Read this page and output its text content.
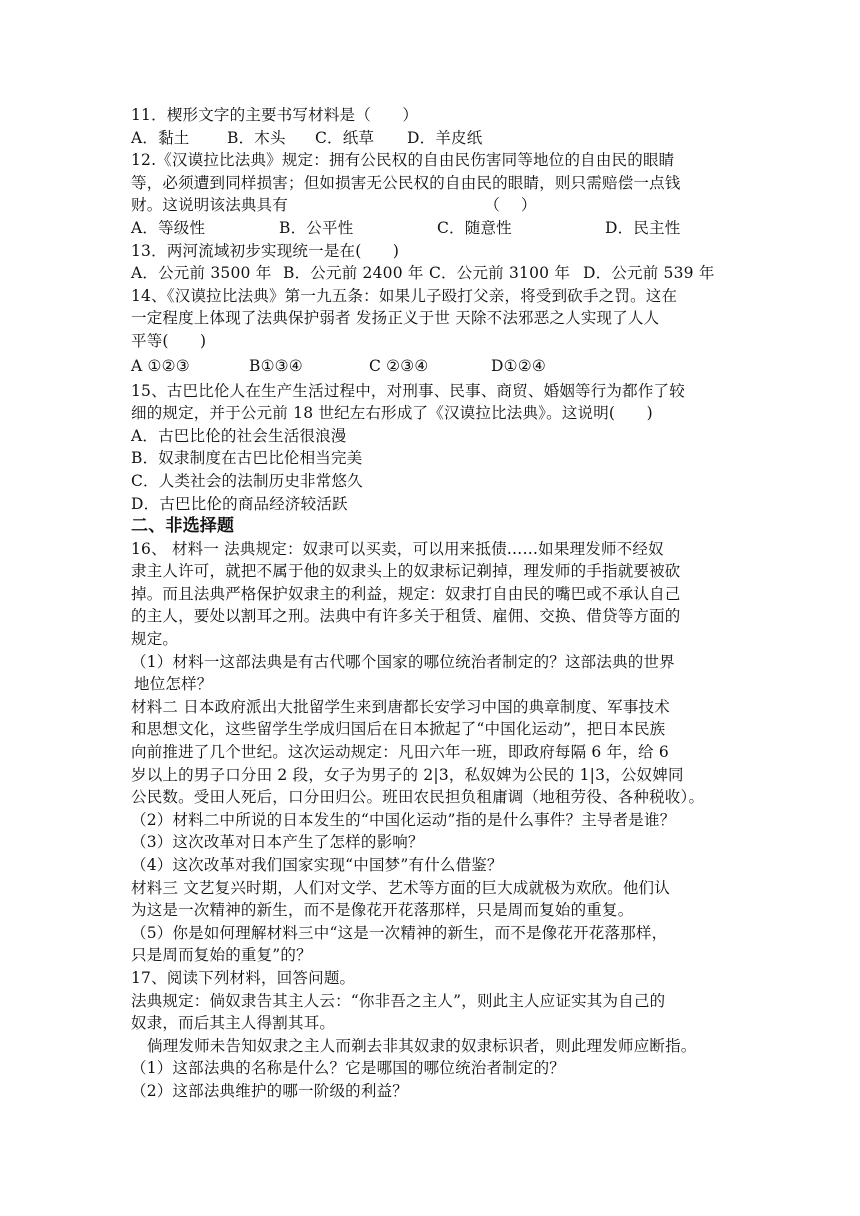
11．楔形文字的主要书写材料是（　　）
A．黏土	B．木头	C．纸草	D．羊皮纸
12.《汉谟拉比法典》规定：拥有公民权的自由民伤害同等地位的自由民的眼睛
等，必须遭到同样损害；但如损害无公民权的自由民的眼睛，则只需赔偿一点钱
财。这说明该法典具有　　　　　　　　　　　　　（　 ）
A．等级性	B．公平性	C．随意性	D．民主性
13．两河流域初步实现统一是在(　　)
A．公元前 3500 年 B．公元前 2400 年 C．公元前 3100 年 D．公元前 539 年
14、《汉谟拉比法典》第一九五条：如果儿子殴打父亲，将受到砍手之罚。这在
一定程度上体现了法典保护弱者 发扬正义于世 天除不法邪恶之人实现了人人
平等(　　)
A ①②③	B①③④	C ②③④	D①②④
15、古巴比伦人在生产生活过程中，对刑事、民事、商贸、婚姻等行为都作了较
细的规定，并于公元前 18 世纪左右形成了《汉谟拉比法典》。这说明(　　)
A．古巴比伦的社会生活很浪漫
B．奴隶制度在古巴比伦相当完美
C．人类社会的法制历史非常悠久
D．古巴比伦的商品经济较活跃
二、非选择题
16、 材料一 法典规定：奴隶可以买卖，可以用来抵债……如果理发师不经奴
隶主人许可，就把不属于他的奴隶头上的奴隶标记剃掉，理发师的手指就要被砍
掉。而且法典严格保护奴隶主的利益，规定：奴隶打自由民的嘴巴或不承认自己
的主人，要处以割耳之刑。法典中有许多关于租赁、雇佣、交换、借贷等方面的
规定。
（1）材料一这部法典是有古代哪个国家的哪位统治者制定的？这部法典的世界
地位怎样？
材料二 日本政府派出大批留学生来到唐都长安学习中国的典章制度、军事技术
和思想文化，这些留学生学成归国后在日本掀起了“中国化运动”，把日本民族
向前推进了几个世纪。这次运动规定：凡田六年一班，即政府每隔 6 年，给 6
岁以上的男子口分田 2 段，女子为男子的 2|3，私奴婢为公民的 1|3，公奴婢同
公民数。受田人死后，口分田归公。班田农民担负租庸调（地租劳役、各种税收）。
（2）材料二中所说的日本发生的“中国化运动”指的是什么事件？主导者是谁？
（3）这次改革对日本产生了怎样的影响？
（4）这次改革对我们国家实现“中国梦”有什么借鉴？
材料三 文艺复兴时期，人们对文学、艺术等方面的巨大成就极为欢欣。他们认
为这是一次精神的新生，而不是像花开花落那样，只是周而复始的重复。
（5）你是如何理解材料三中“这是一次精神的新生，而不是像花开花落那样，
只是周而复始的重复”的？
17、阅读下列材料，回答问题。
法典规定：倘奴隶告其主人云：“你非吾之主人”，则此主人应证实其为自己的
奴隶，而后其主人得割其耳。
倘理发师未告知奴隶之主人而剃去非其奴隶的奴隶标识者，则此理发师应断指。
（1）这部法典的名称是什么？它是哪国的哪位统治者制定的？
（2）这部法典维护的哪一阶级的利益？
